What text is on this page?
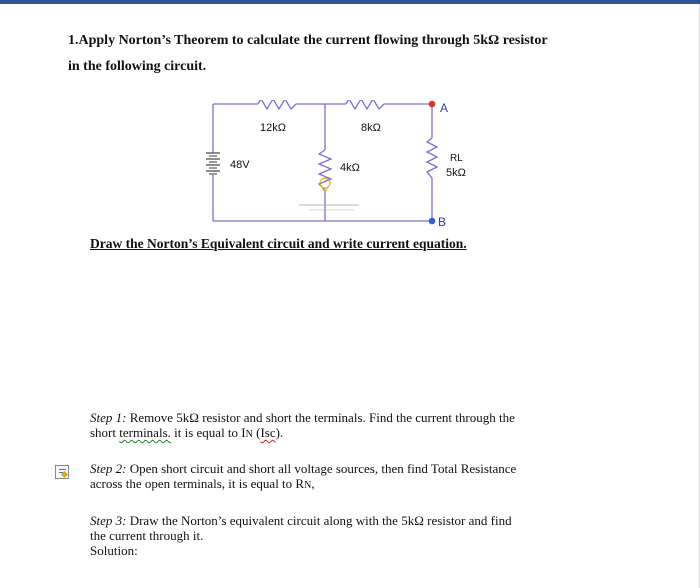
1.Apply Norton’s Theorem to calculate the current flowing through 5kΩ resistor
in the following circuit.
12kΩ	8kΩ
48V	4kΩ
RL
5kΩ
A
B
Draw the Norton’s Equivalent circuit and write current equation.
Step 1: Remove 5kΩ resistor and short the terminals. Find the current through the
short terminals. it is equal to IN (Isc).
Step 2: Open short circuit and short all voltage sources, then find Total Resistance
across the open terminals, it is equal to RN,
Step 3: Draw the Norton’s equivalent circuit along with the 5kΩ resistor and find
the current through it.
Solution:
